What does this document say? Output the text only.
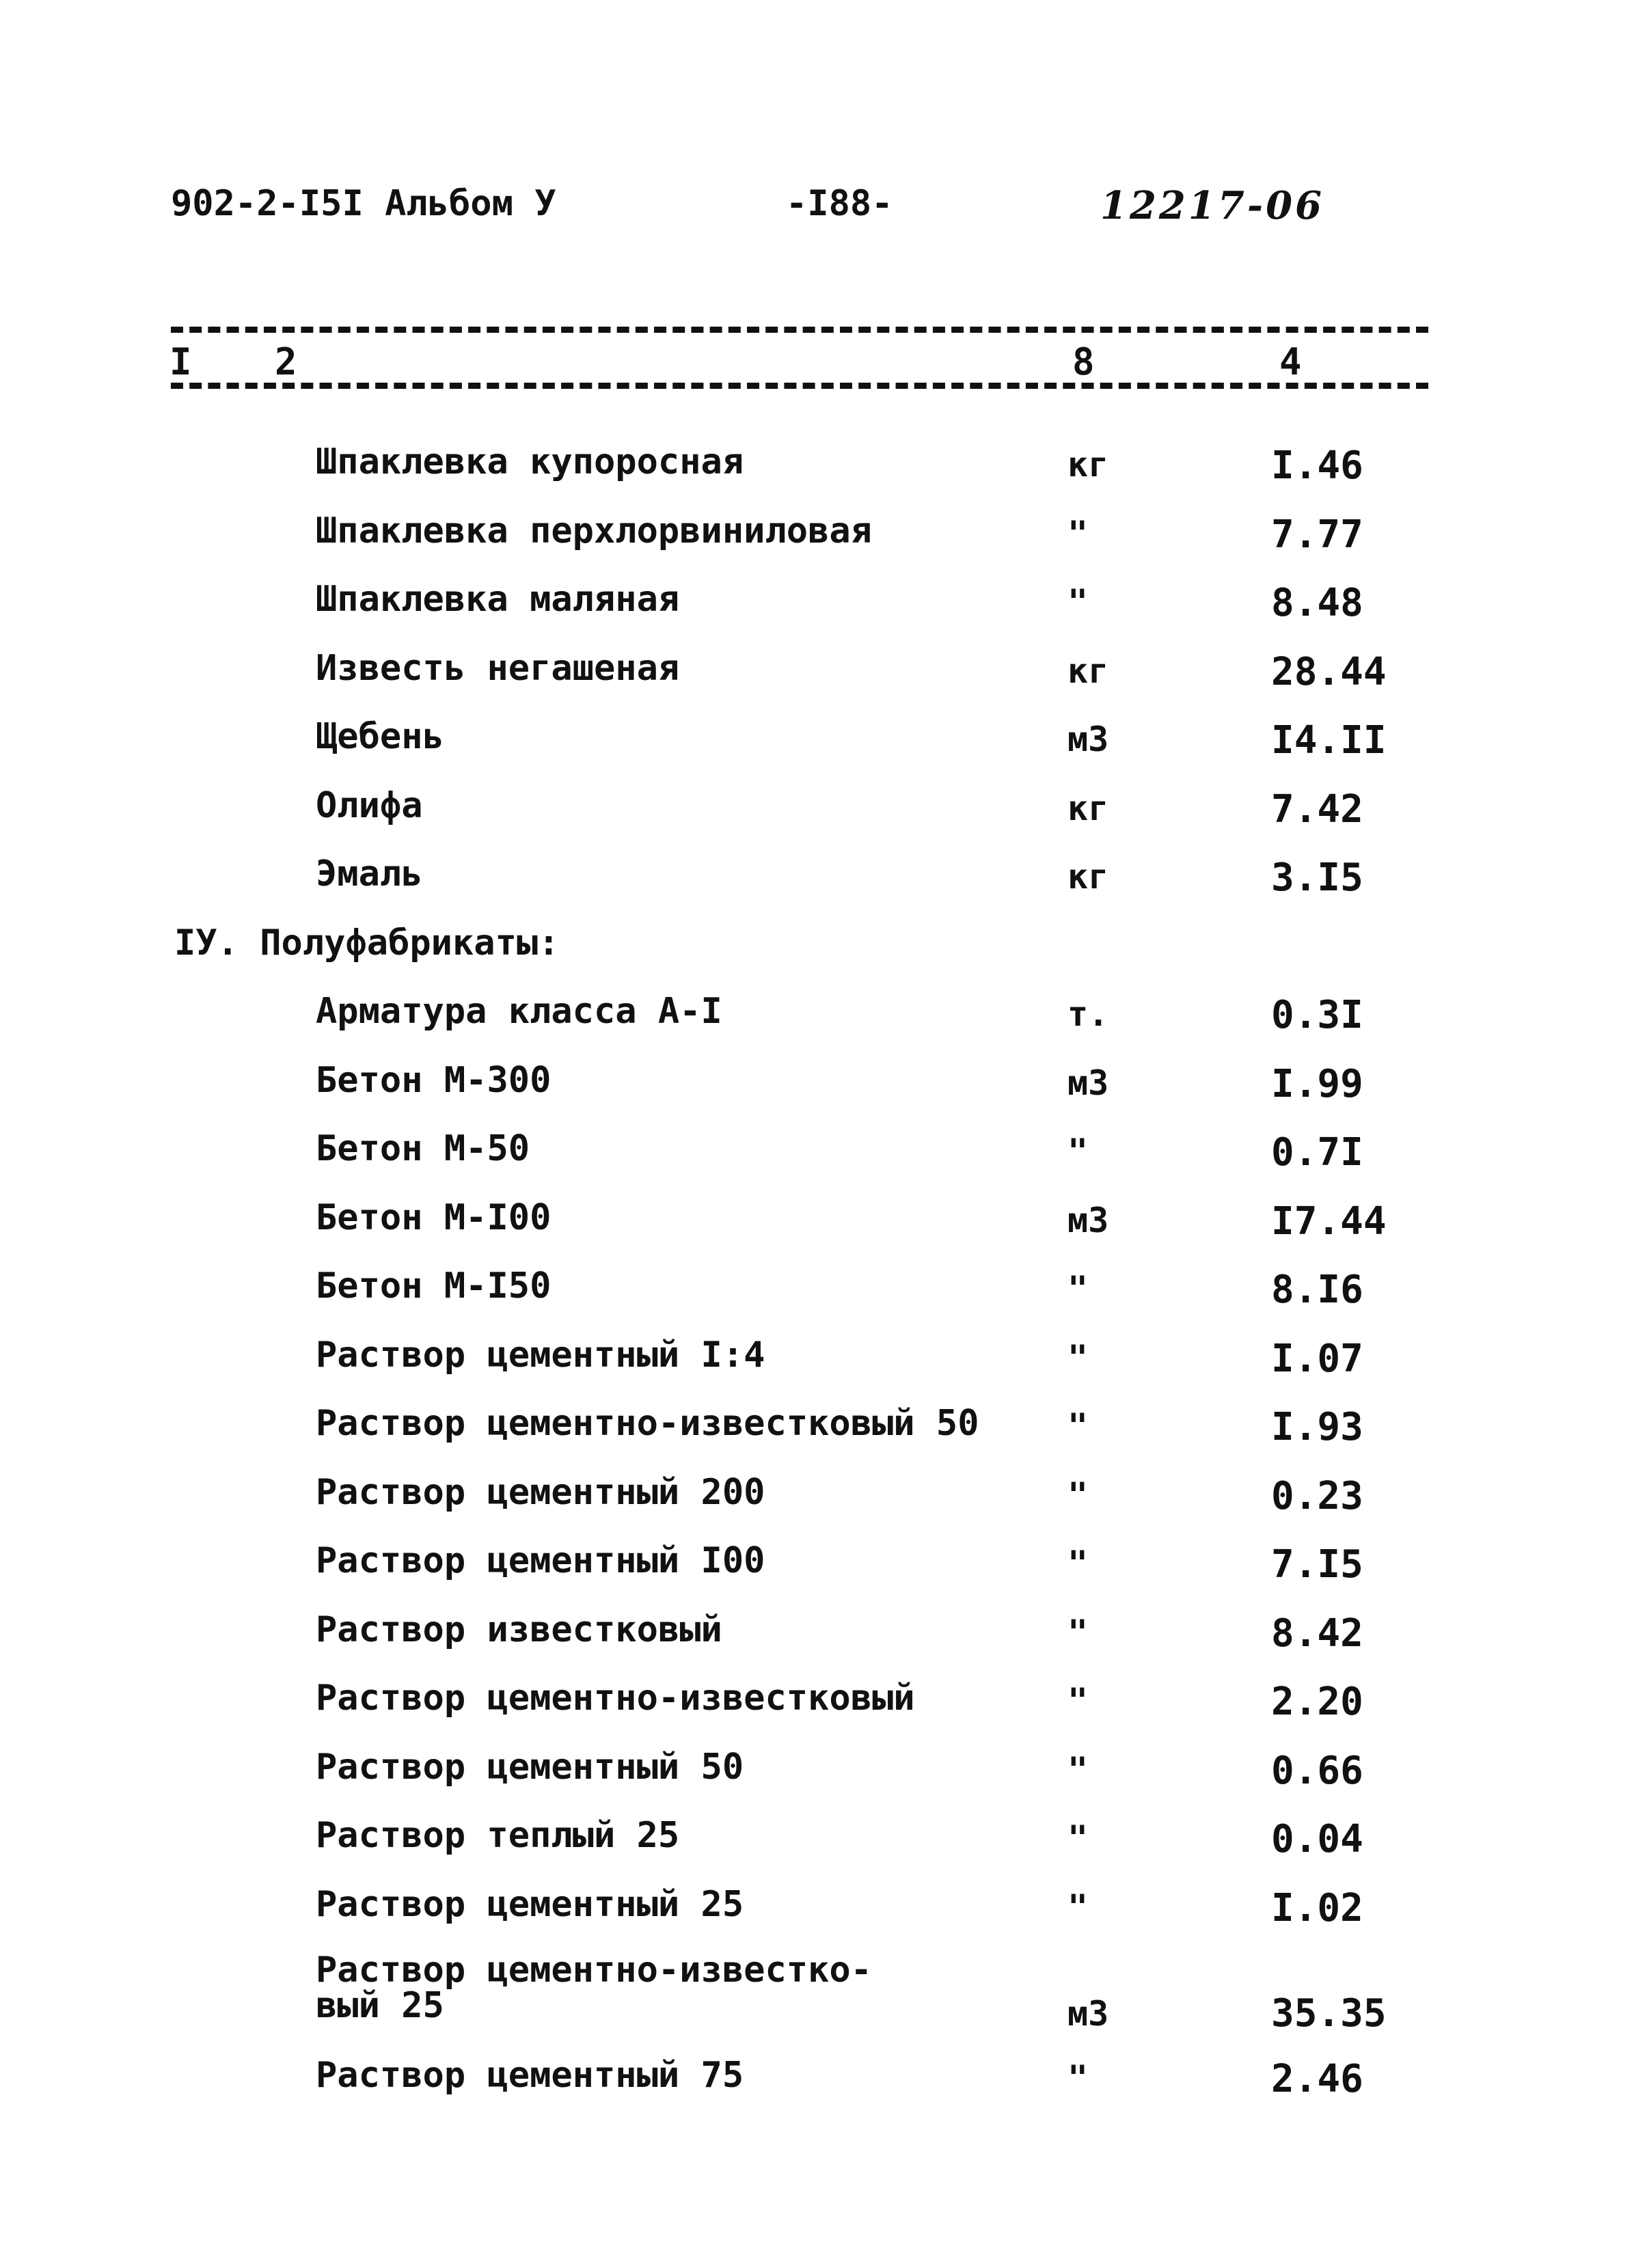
902-2-I5I Альбом У	-I88-	12217-06
I 2	8	4
Шпаклевка купоросная	кг	I.46
Шпаклевка перхлорвиниловая	"	7.77
Шпаклевка маляная	"	8.48
Известь негашеная	кг	28.44
Щебень	м3	I4.II
Олифа	кг	7.42
Эмаль	кг	3.I5
IУ. Полуфабрикаты:
Арматура класса А-I	т.	0.3I
Бетон М-300	м3	I.99
Бетон М-50	"	0.7I
Бетон М-I00	м3	I7.44
Бетон М-I50	"	8.I6
Раствор цементный I:4	"	I.07
Раствор цементно-известковый 50	"	I.93
Раствор цементный 200	"	0.23
Раствор цементный I00	"	7.I5
Раствор известковый	"	8.42
Раствор цементно-известковый	"	2.20
Раствор цементный 50	"	0.66
Раствор теплый 25	"	0.04
Раствор цементный 25	"	I.02
Раствор цементно-известко-
вый 25	м3	35.35
Раствор цементный 75	"	2.46
